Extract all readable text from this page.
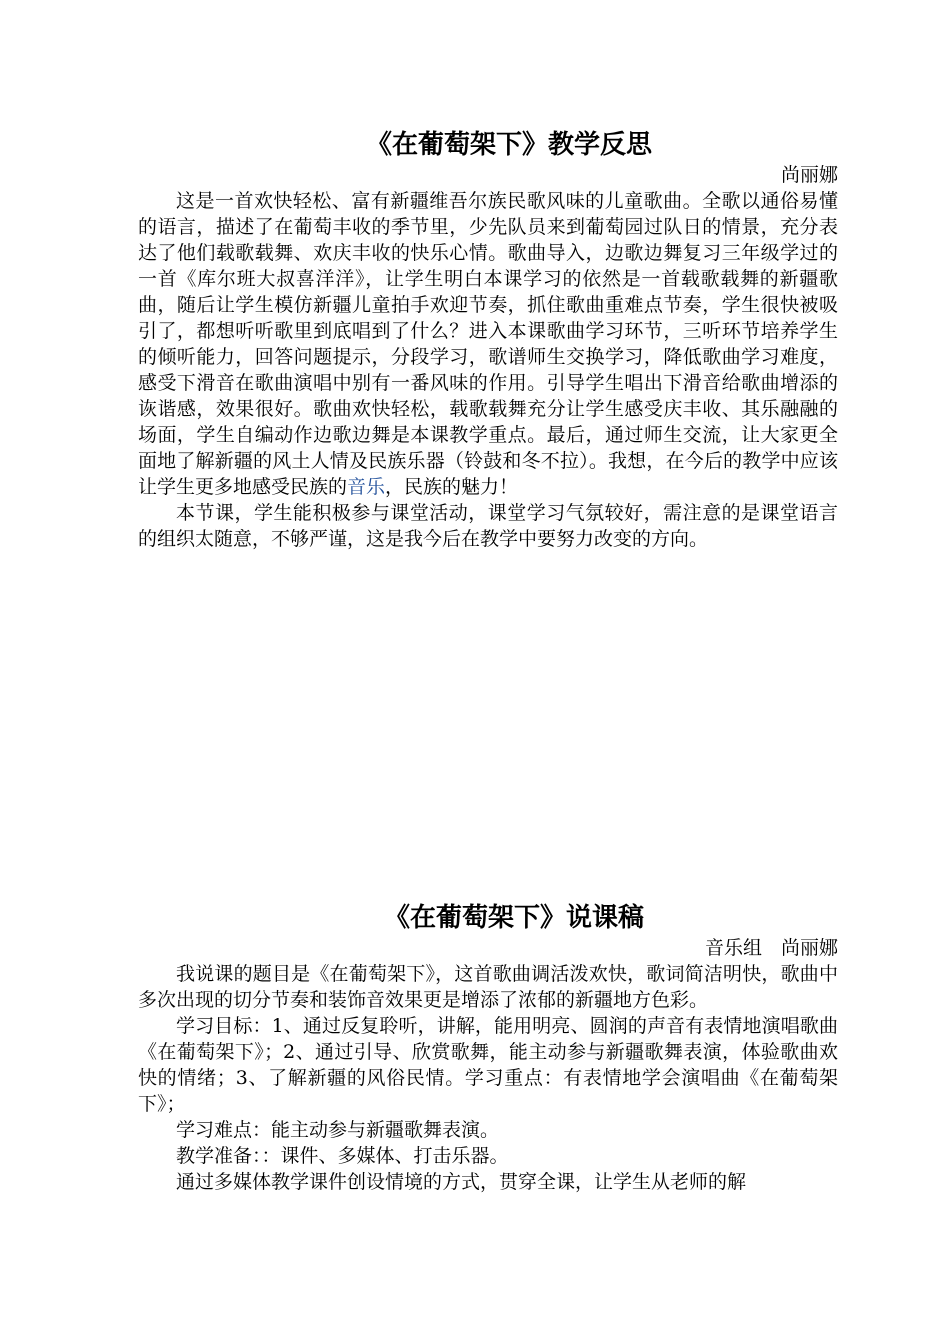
《在葡萄架下》教学反思

尚丽娜

这是一首欢快轻松、富有新疆维吾尔族民歌风味的儿童歌曲。全歌以通俗易懂的语言，描述了在葡萄丰收的季节里，少先队员来到葡萄园过队日的情景，充分表达了他们载歌载舞、欢庆丰收的快乐心情。歌曲导入，边歌边舞复习三年级学过的一首《库尔班大叔喜洋洋》，让学生明白本课学习的依然是一首载歌载舞的新疆歌曲，随后让学生模仿新疆儿童拍手欢迎节奏，抓住歌曲重难点节奏，学生很快被吸引了，都想听听歌里到底唱到了什么？进入本课歌曲学习环节，三听环节培养学生的倾听能力，回答问题提示，分段学习，歌谱师生交换学习，降低歌曲学习难度，感受下滑音在歌曲演唱中别有一番风味的作用。引导学生唱出下滑音给歌曲增添的诙谐感，效果很好。歌曲欢快轻松，载歌载舞充分让学生感受庆丰收、其乐融融的场面，学生自编动作边歌边舞是本课教学重点。最后，通过师生交流，让大家更全面地了解新疆的风土人情及民族乐器（铃鼓和冬不拉）。我想，在今后的教学中应该让学生更多地感受民族的音乐，民族的魅力！

本节课，学生能积极参与课堂活动，课堂学习气氛较好，需注意的是课堂语言的组织太随意，不够严谨，这是我今后在教学中要努力改变的方向。

《在葡萄架下》说课稿

音乐组　尚丽娜

我说课的题目是《在葡萄架下》，这首歌曲调活泼欢快，歌词简洁明快，歌曲中多次出现的切分节奏和装饰音效果更是增添了浓郁的新疆地方色彩。

学习目标：1、通过反复聆听，讲解，能用明亮、圆润的声音有表情地演唱歌曲《在葡萄架下》；2、通过引导、欣赏歌舞，能主动参与新疆歌舞表演，体验歌曲欢快的情绪；3、了解新疆的风俗民情。学习重点：有表情地学会演唱曲《在葡萄架下》；

学习难点：能主动参与新疆歌舞表演。

教学准备：：课件、多媒体、打击乐器。

通过多媒体教学课件创设情境的方式，贯穿全课，让学生从老师的解
